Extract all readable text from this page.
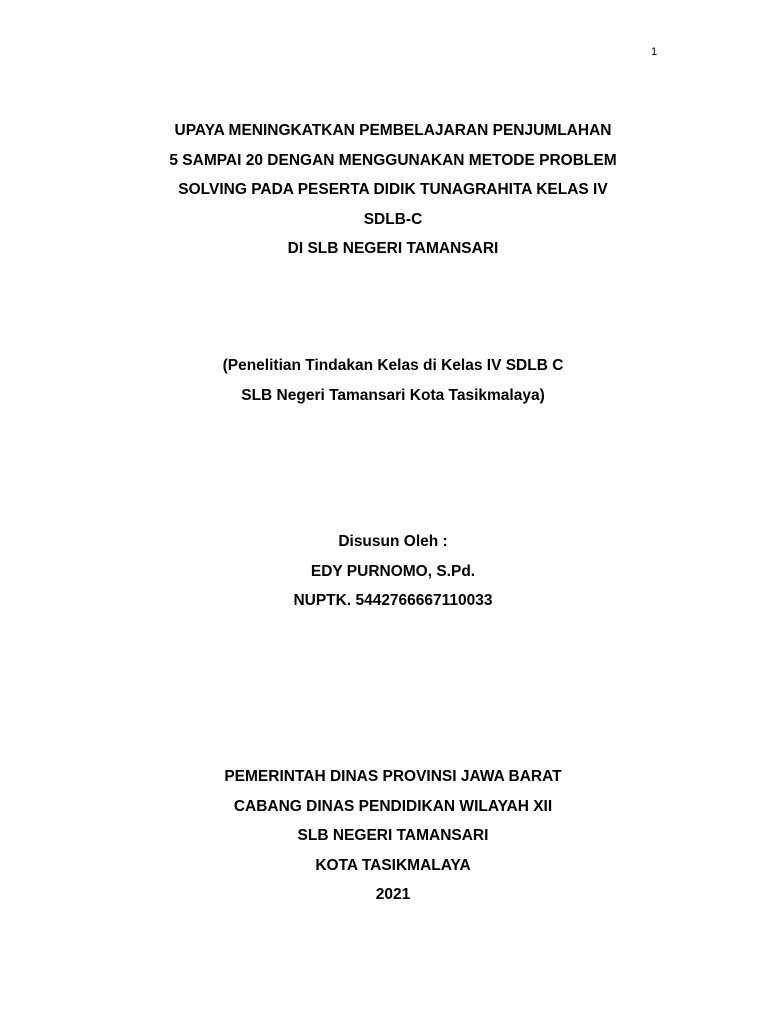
1
UPAYA MENINGKATKAN PEMBELAJARAN PENJUMLAHAN
5 SAMPAI 20 DENGAN MENGGUNAKAN METODE PROBLEM
SOLVING PADA PESERTA DIDIK TUNAGRAHITA KELAS IV
SDLB-C
DI SLB NEGERI TAMANSARI
(Penelitian Tindakan Kelas di Kelas IV SDLB C
SLB Negeri Tamansari Kota Tasikmalaya)
Disusun Oleh :
EDY PURNOMO, S.Pd.
NUPTK. 5442766667110033
PEMERINTAH DINAS PROVINSI JAWA BARAT
CABANG DINAS PENDIDIKAN WILAYAH XII
SLB NEGERI TAMANSARI
KOTA TASIKMALAYA
2021
